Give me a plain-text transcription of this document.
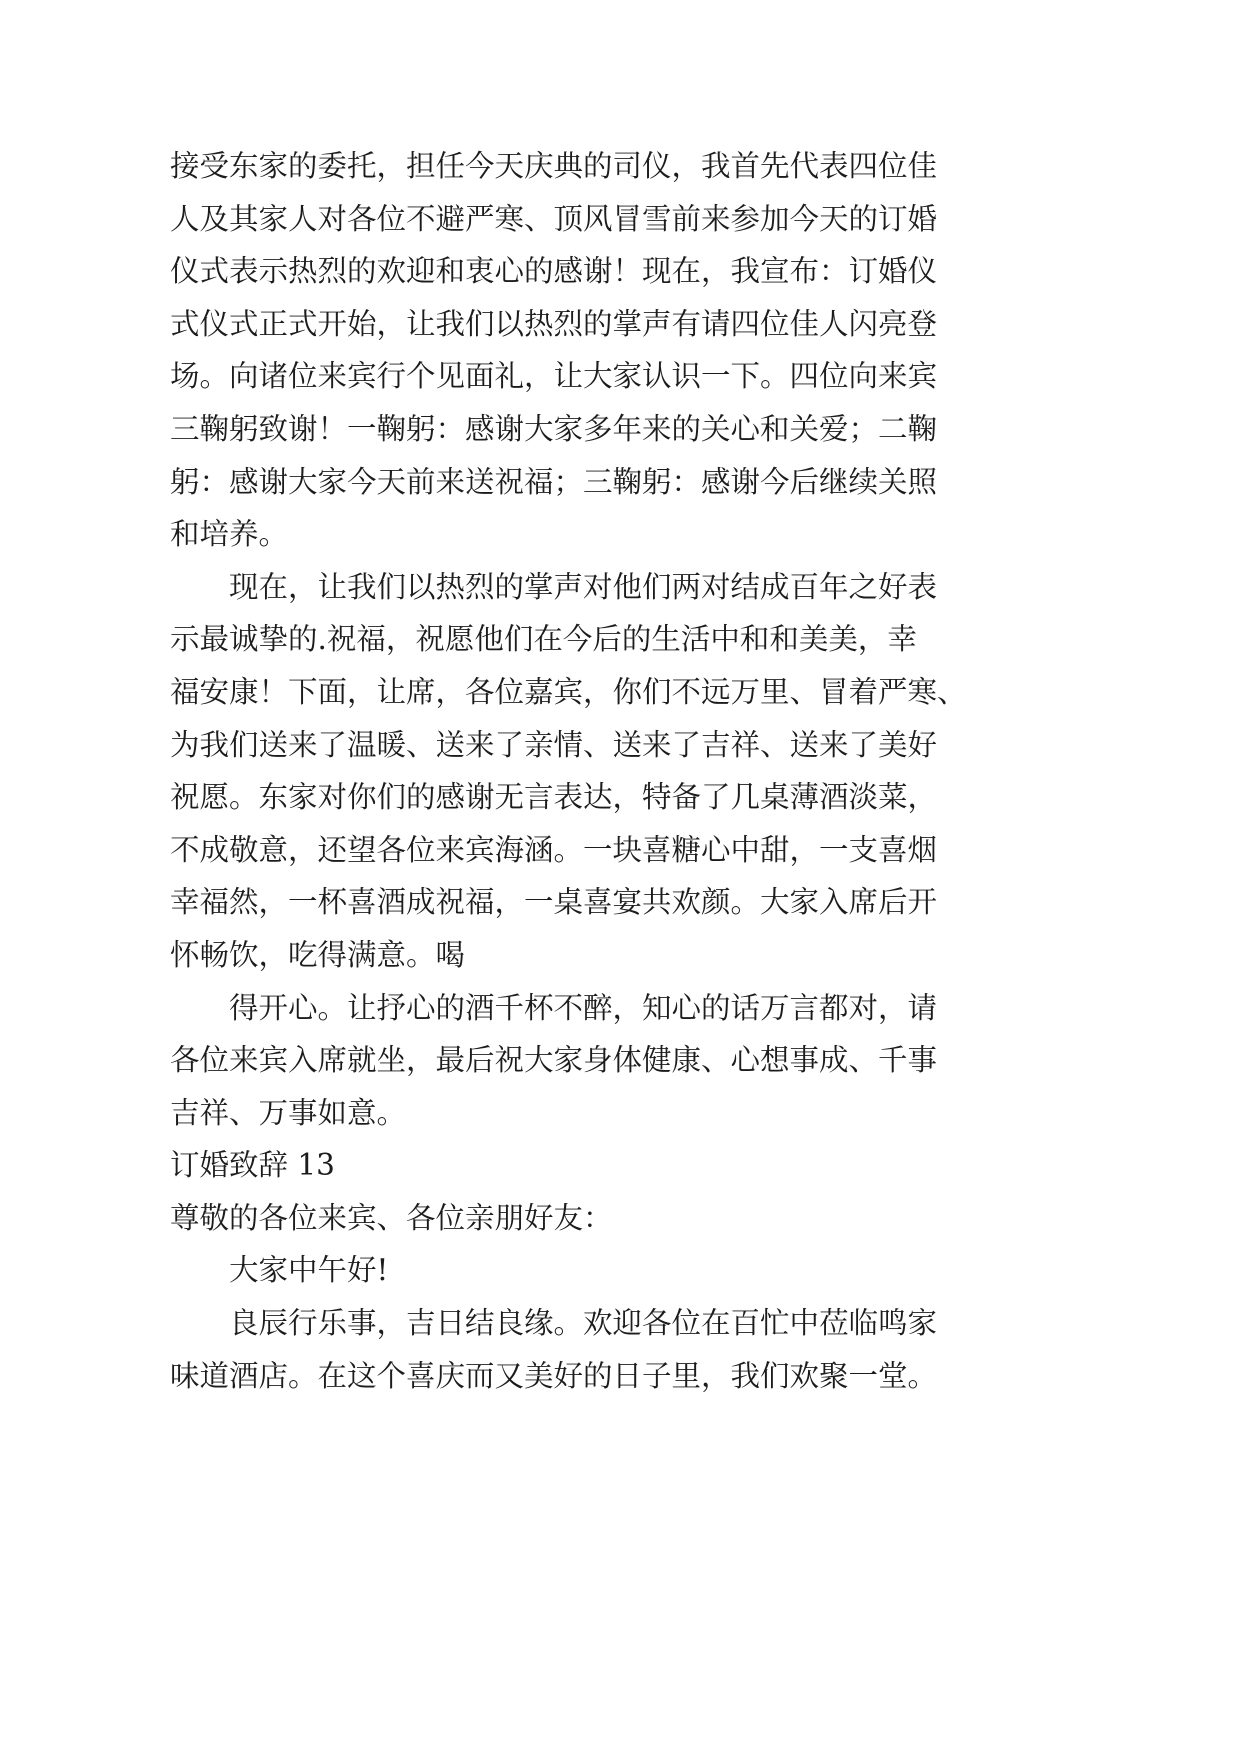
接受东家的委托，担任今天庆典的司仪，我首先代表四位佳
人及其家人对各位不避严寒、顶风冒雪前来参加今天的订婚
仪式表示热烈的欢迎和衷心的感谢！现在，我宣布：订婚仪
式仪式正式开始，让我们以热烈的掌声有请四位佳人闪亮登
场。向诸位来宾行个见面礼，让大家认识一下。四位向来宾
三鞠躬致谢！一鞠躬：感谢大家多年来的关心和关爱；二鞠
躬：感谢大家今天前来送祝福；三鞠躬：感谢今后继续关照
和培养。
现在，让我们以热烈的掌声对他们两对结成百年之好表
示最诚挚的.祝福，祝愿他们在今后的生活中和和美美，幸
福安康！下面，让席，各位嘉宾，你们不远万里、冒着严寒、
为我们送来了温暖、送来了亲情、送来了吉祥、送来了美好
祝愿。东家对你们的感谢无言表达，特备了几桌薄酒淡菜，
不成敬意，还望各位来宾海涵。一块喜糖心中甜，一支喜烟
幸福然，一杯喜酒成祝福，一桌喜宴共欢颜。大家入席后开
怀畅饮，吃得满意。喝
得开心。让抒心的酒千杯不醉，知心的话万言都对，请
各位来宾入席就坐，最后祝大家身体健康、心想事成、千事
吉祥、万事如意。
订婚致辞 13
尊敬的各位来宾、各位亲朋好友：
大家中午好!
良辰行乐事，吉日结良缘。欢迎各位在百忙中莅临鸣家
味道酒店。在这个喜庆而又美好的日子里，我们欢聚一堂。
